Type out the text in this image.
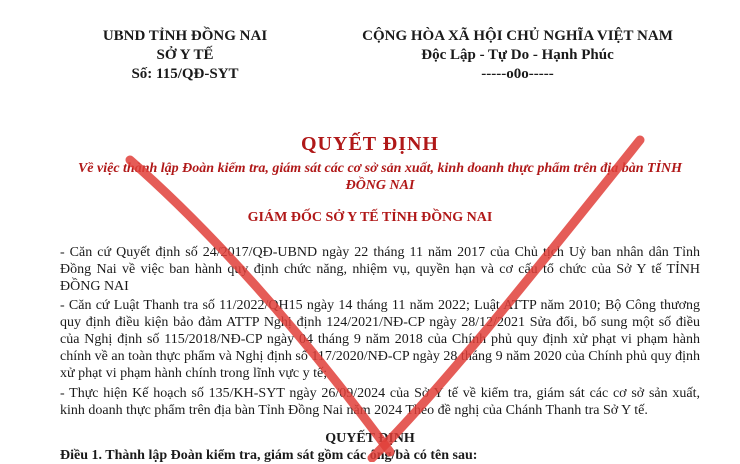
UBND TỈNH ĐỒNG NAI
SỞ Y TẾ
Số: 115/QĐ-SYT
CỘNG HÒA XÃ HỘI CHỦ NGHĨA VIỆT NAM
Độc Lập - Tự Do - Hạnh Phúc
-----o0o-----
QUYẾT ĐỊNH
Về việc thành lập Đoàn kiểm tra, giám sát các cơ sở sản xuất, kinh doanh thực phẩm trên địa bàn TỈNH ĐỒNG NAI
GIÁM ĐỐC SỞ Y TẾ TỈNH ĐỒNG NAI

- Căn cứ Quyết định số 24/2017/QĐ-UBND ngày 22 tháng 11 năm 2017 của Chủ tịch Uỷ ban nhân dân Tỉnh Đồng Nai về việc ban hành quy định chức năng, nhiệm vụ, quyền hạn và cơ cấu tổ chức của Sở Y tế TỈNH ĐỒNG NAI

- Căn cứ Luật Thanh tra số 11/2022/QH15 ngày 14 tháng 11 năm 2022; Luật ATTP năm 2010; Bộ Công thương quy định điều kiện bảo đảm ATTP Nghị định 124/2021/NĐ-CP ngày 28/12/2021 Sửa đổi, bổ sung một số điều của Nghị định số 115/2018/NĐ-CP ngày 04 tháng 9 năm 2018 của Chính phủ quy định xử phạt vi phạm hành chính về an toàn thực phẩm và Nghị định số 117/2020/NĐ-CP ngày 28 tháng 9 năm 2020 của Chính phủ quy định xử phạt vi phạm hành chính trong lĩnh vực y tế;

- Thực hiện Kế hoạch số 135/KH-SYT ngày 26/09/2024 của Sở Y tế về kiểm tra, giám sát các cơ sở sản xuất, kinh doanh thực phẩm trên địa bàn Tỉnh Đồng Nai năm 2024 Theo đề nghị của Chánh Thanh tra Sở Y tế.

QUYẾT ĐỊNH
Điều 1. Thành lập Đoàn kiểm tra, giám sát gồm các ông/bà có tên sau:
